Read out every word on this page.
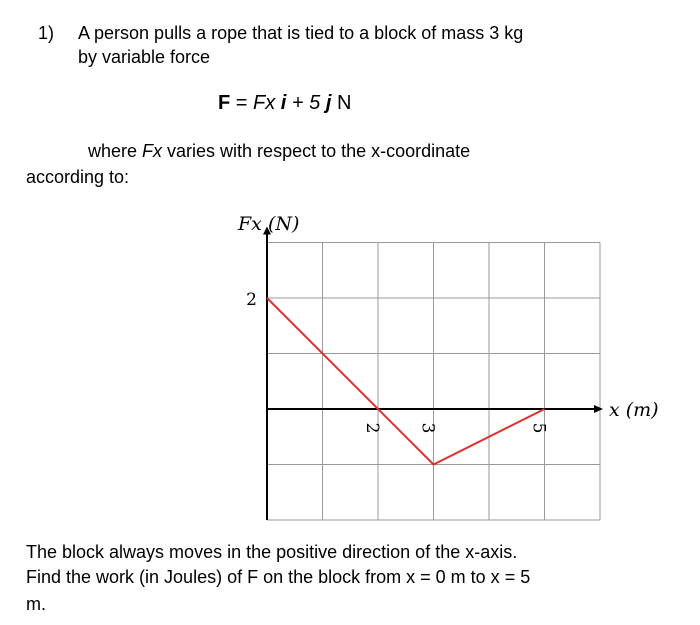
1) A person pulls a rope that is tied to a block of mass 3 kg
by variable force
F = Fx i + 5 j N
where Fx varies with respect to the x-coordinate
according to:
Fx (N)
x (m)
2
2 3	5
The block always moves in the positive direction of the x-axis.
Find the work (in Joules) of F on the block from x = 0 m to x = 5
m.
